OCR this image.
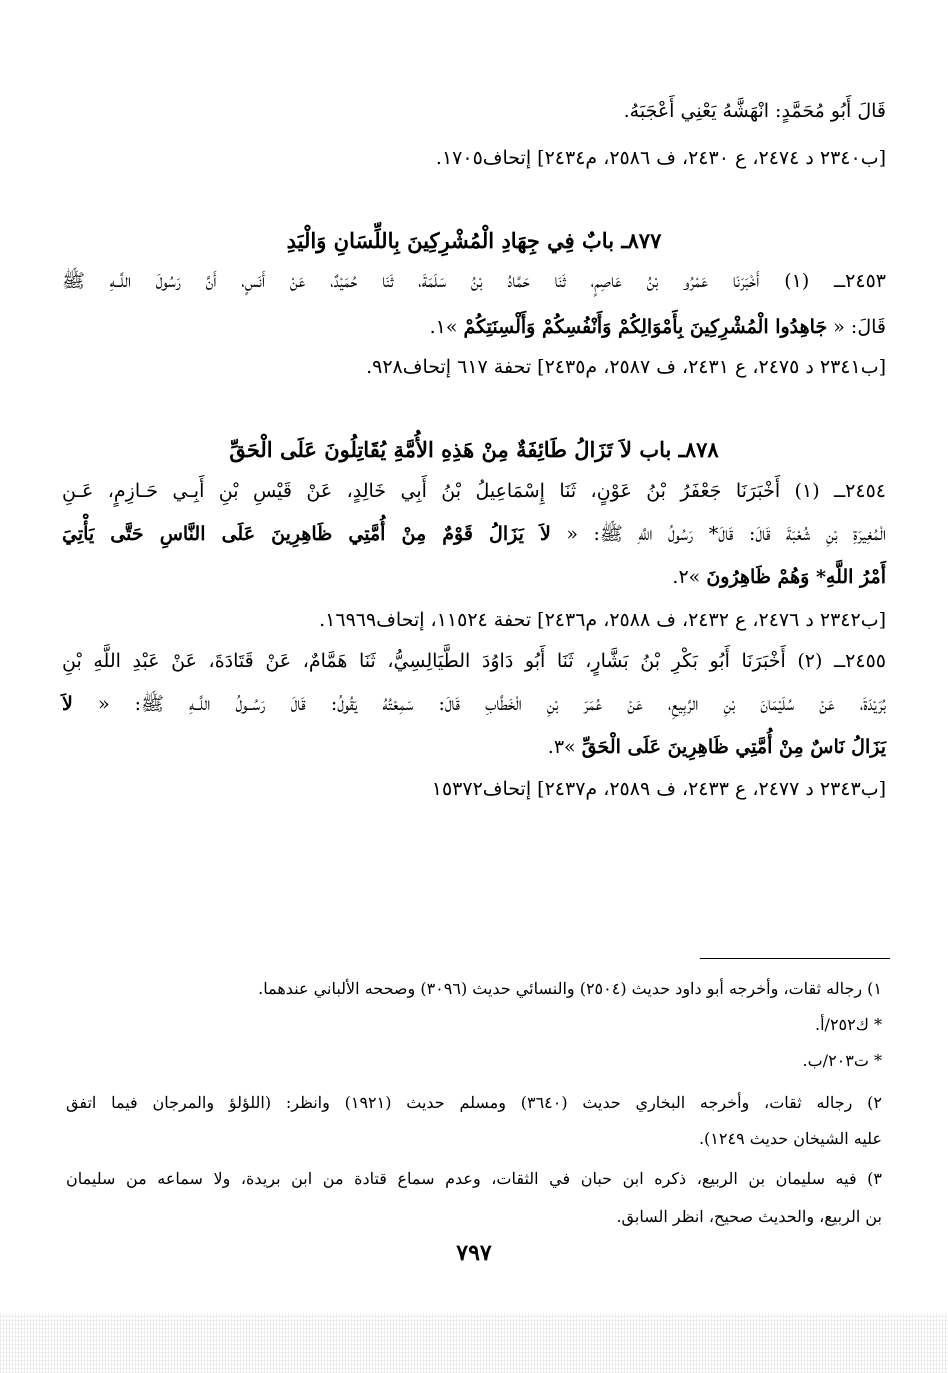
قَالَ أَبُو مُحَمَّدٍ: انْهَشَّهُ يَعْنِي أَعْجَبَهُ.
[ب٢٣٤٠ د ٢٤٧٤، ع ٢٤٣٠، ف ٢٥٨٦، م٢٤٣٤] إتحاف١٧٠٥.
٨٧٧ـ بابٌ فِي جِهَادِ الْمُشْرِكِينَ بِاللِّسَانِ وَالْيَدِ
٢٤٥٣ــ (١) أَخْبَرَنَا عَمْرُو بْنُ عَاصِمٍ، ثَنَا حَمَّادُ بْنُ سَلَمَةَ، ثَنَا حُمَيْدٌ، عَنْ أَنَسٍ، أَنَّ رَسُولَ اللَّــهِ ﷺ
قَالَ: « جَاهِدُوا الْمُشْرِكِينَ بِأَمْوَالِكُمْ وَأَنْفُسِكُمْ وَأَلْسِنَتِكُمْ »١.
[ب٢٣٤١ د ٢٤٧٥، ع ٢٤٣١، ف ٢٥٨٧، م٢٤٣٥] تحفة ٦١٧ إتحاف٩٢٨.
٨٧٨ـ باب لاَ تَزَالُ طَائِفَةٌ مِنْ هَذِهِ الأُمَّةِ يُقَاتِلُونَ عَلَى الْحَقِّ
٢٤٥٤ــ (١) أَخْبَرَنَا جَعْفَرُ بْنُ عَوْنٍ، ثَنَا إِسْمَاعِيلُ بْنُ أَبِي خَالِدٍ، عَنْ قَيْسِ بْنِ أَبِـي حَـازِمٍ، عَـنِ
الْمُغِيرَةِ بْنِ شُعْبَةَ قَالَ: قَالَ* رَسُولُ اللَّهِ ﷺ: « لاَ يَزَالُ قَوْمٌ مِنْ أُمَّتِي ظَاهِرِينَ عَلَى النَّاسِ حَتَّى يَأْتِيَ
أَمْرُ اللَّهِ* وَهُمْ ظَاهِرُونَ »٢.
[ب٢٣٤٢ د ٢٤٧٦، ع ٢٤٣٢، ف ٢٥٨٨، م٢٤٣٦] تحفة ١١٥٢٤، إتحاف١٦٩٦٩.
٢٤٥٥ــ (٢) أَخْبَرَنَا أَبُو بَكْرِ بْنُ بَشَّارٍ، ثَنَا أَبُو دَاوُدَ الطَّيَالِسِيُّ، ثَنَا هَمَّامٌ، عَنْ قَتَادَةَ، عَنْ عَبْدِ اللَّهِ بْنِ
بُرَيْدَةَ، عَنْ سُلَيْمَانَ بْنِ الرَّبِيعِ، عَنْ عُمَرَ بْنِ الْخَطَّابِ قَالَ: سَمِعْتُهُ يَقُولُ: قَالَ رَسُــولُ اللَّــهِ ﷺ: « لاَ
يَزَالُ نَاسٌ مِنْ أُمَّتِي ظَاهِرِينَ عَلَى الْحَقِّ »٣.
[ب٢٣٤٣ د ٢٤٧٧، ع ٢٤٣٣، ف ٢٥٨٩، م٢٤٣٧] إتحاف١٥٣٧٢
١) رجاله ثقات، وأخرجه أبو داود حديث (٢٥٠٤) والنسائي حديث (٣٠٩٦) وصححه الألباني عندهما.
* ك٢٥٢/أ.
* ت٢٠٣/ب.
٢) رجاله ثقات، وأخرجه البخاري حديث (٣٦٤٠) ومسلم حديث (١٩٢١) وانظر: (اللؤلؤ والمرجان فيما اتفق
عليه الشيخان حديث ١٢٤٩).
٣) فيه سليمان بن الربيع، ذكره ابن حبان في الثقات، وعدم سماع قتادة من ابن بريدة، ولا سماعه من سليمان
بن الربيع، والحديث صحيح، انظر السابق.
٧٩٧
